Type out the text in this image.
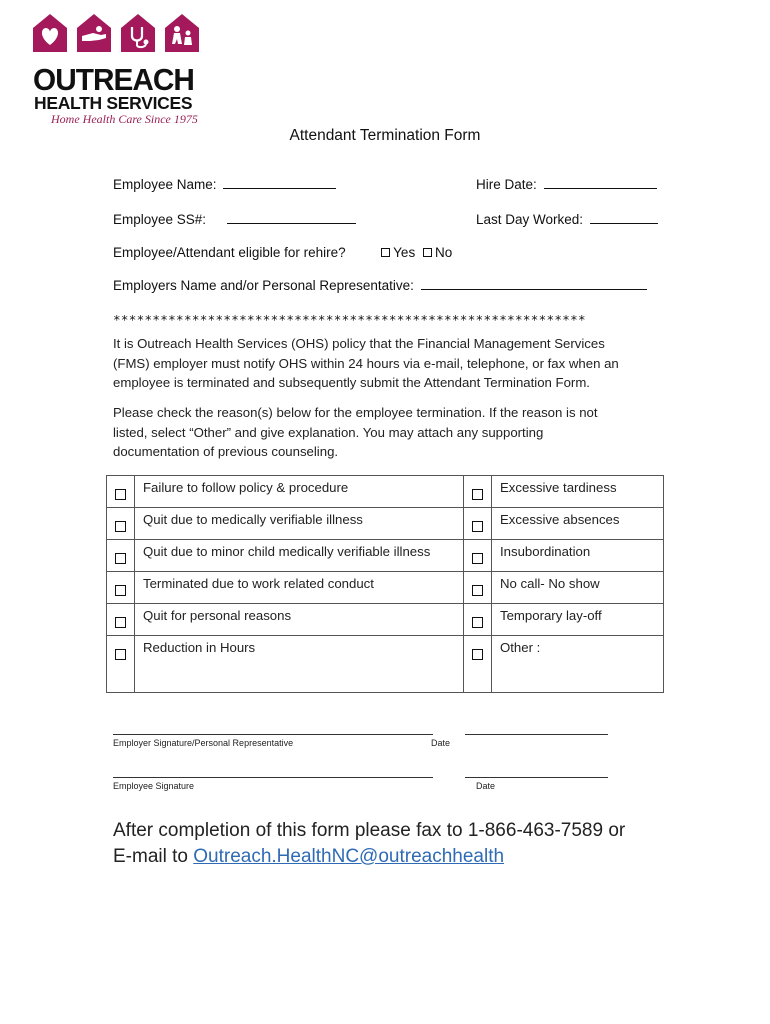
OUTREACH
HEALTH SERVICES
Home Health Care Since 1975
Attendant Termination Form
Employee Name:	Hire Date:
Employee SS#:	Last Day Worked:
Employee/Attendant eligible for rehire?	Yes No
Employers Name and/or Personal Representative:
************************************************************
It is Outreach Health Services (OHS) policy that the Financial Management Services (FMS) employer must notify OHS within 24 hours via e-mail, telephone, or fax when an employee is terminated and subsequently submit the Attendant Termination Form.
Please check the reason(s) below for the employee termination. If the reason is not listed, select “Other” and give explanation. You may attach any supporting documentation of previous counseling.
	Failure to follow policy & procedure		Excessive tardiness
	Quit due to medically verifiable illness		Excessive absences
	Quit due to minor child medically verifiable illness		Insubordination
	Terminated due to work related conduct		No call- No show
	Quit for personal reasons		Temporary lay-off
	Reduction in Hours		Other :
Employer Signature/Personal Representative	Date
Employee Signature	Date
After completion of this form please fax to 1-866-463-7589 or
E-mail to Outreach.HealthNC@outreachhealth
